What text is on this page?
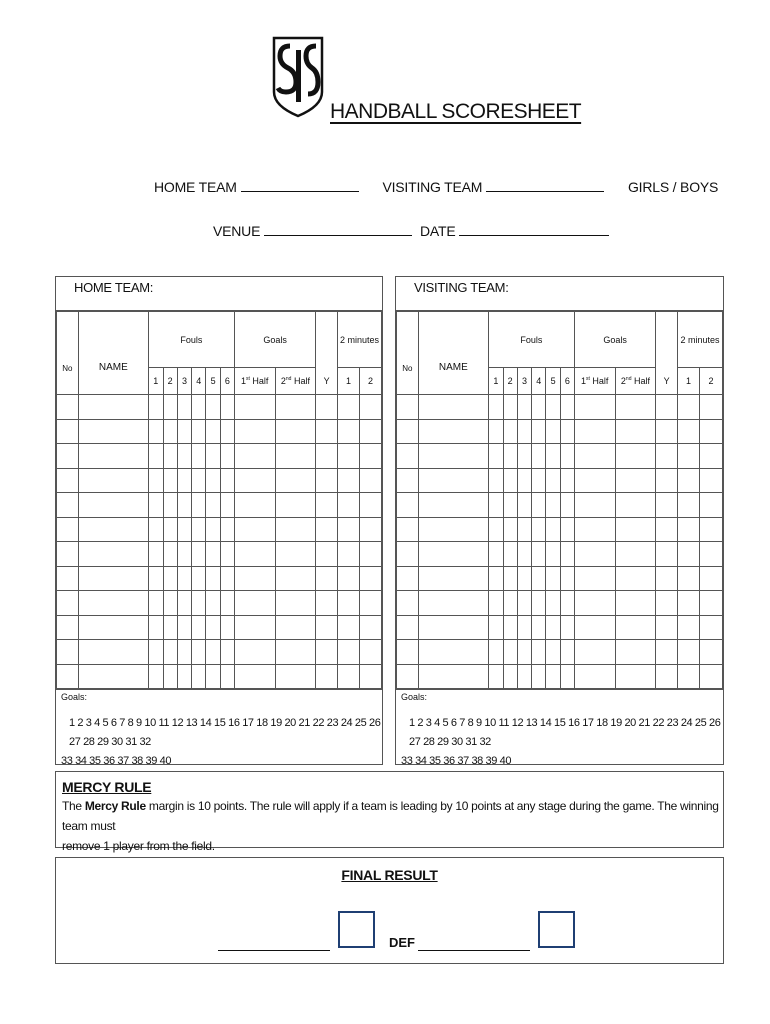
HANDBALL SCORESHEET
HOME TEAM	VISITING TEAM	GIRLS / BOYS
VENUE	DATE
HOME TEAM:
No	NAME	Fouls						Goals			2 minutes	
		1	2	3	4	5	6	1st Half	2nd Half	Y	1	2

Goals:
1 2 3 4 5 6 7 8 9 10 11 12 13 14 15 16 17 18 19 20 21 22 23 24 25 26 27 28 29 30 31 32
33 34 35 36 37 38 39 40
VISITING TEAM:
No	NAME	Fouls						Goals			2 minutes	
		1	2	3	4	5	6	1st Half	2nd Half	Y	1	2

Goals:
1 2 3 4 5 6 7 8 9 10 11 12 13 14 15 16 17 18 19 20 21 22 23 24 25 26 27 28 29 30 31 32
33 34 35 36 37 38 39 40
MERCY RULE
The Mercy Rule margin is 10 points. The rule will apply if a team is leading by 10 points at any stage during the game. The winning team must
remove 1 player from the field.
FINAL RESULT
DEF
